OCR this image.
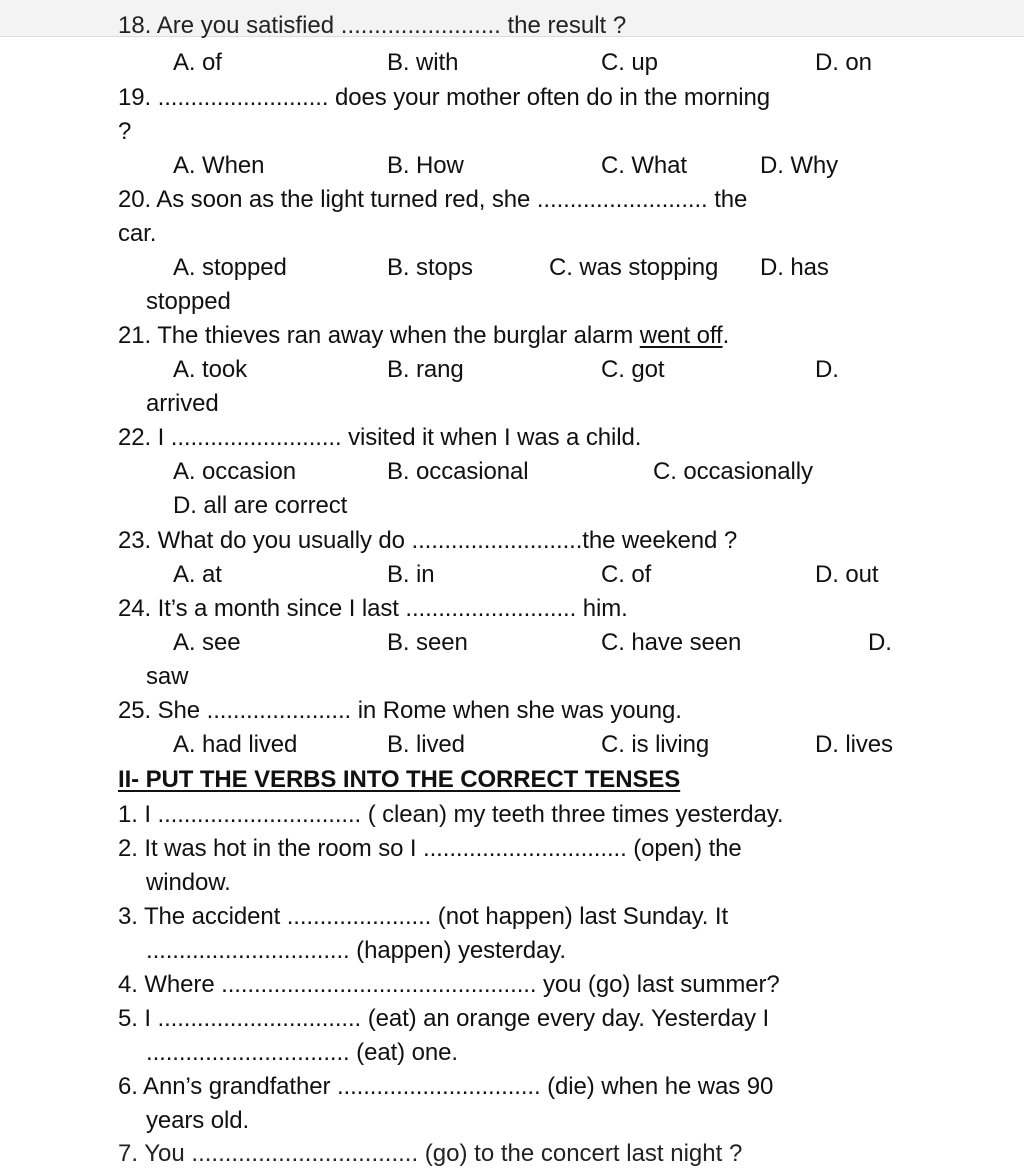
18. Are you satisfied ........................ the result ?
A. of	B. with	C. up	D. on
19. .......................... does your mother often do in the morning
?
A. When	B. How	C. What	D. Why
20. As soon as the light turned red, she .......................... the
car.
A. stopped	B. stops	C. was stopping D. has
stopped
21. The thieves ran away when the burglar alarm went off.
A. took	B. rang	C. got	D.
arrived
22. I .......................... visited it when I was a child.
A. occasion	B. occasional	C. occasionally
D. all are correct
23. What do you usually do ..........................the weekend ?
A. at	B. in	C. of	D. out
24. It’s a month since I last .......................... him.
A. see	B. seen	C. have seen	D.
saw
25. She ...................... in Rome when she was young.
A. had lived	B. lived	C. is living	D. lives
II- PUT THE VERBS INTO THE CORRECT TENSES
1. I ............................... ( clean) my teeth three times yesterday.
2. It was hot in the room so I ............................... (open) the
window.
3. The accident ...................... (not happen) last Sunday. It
............................... (happen) yesterday.
4. Where ................................................ you (go) last summer?
5. I ............................... (eat) an orange every day. Yesterday I
............................... (eat) one.
6. Ann’s grandfather ............................... (die) when he was 90
years old.
7. You .................................. (go) to the concert last night ?
